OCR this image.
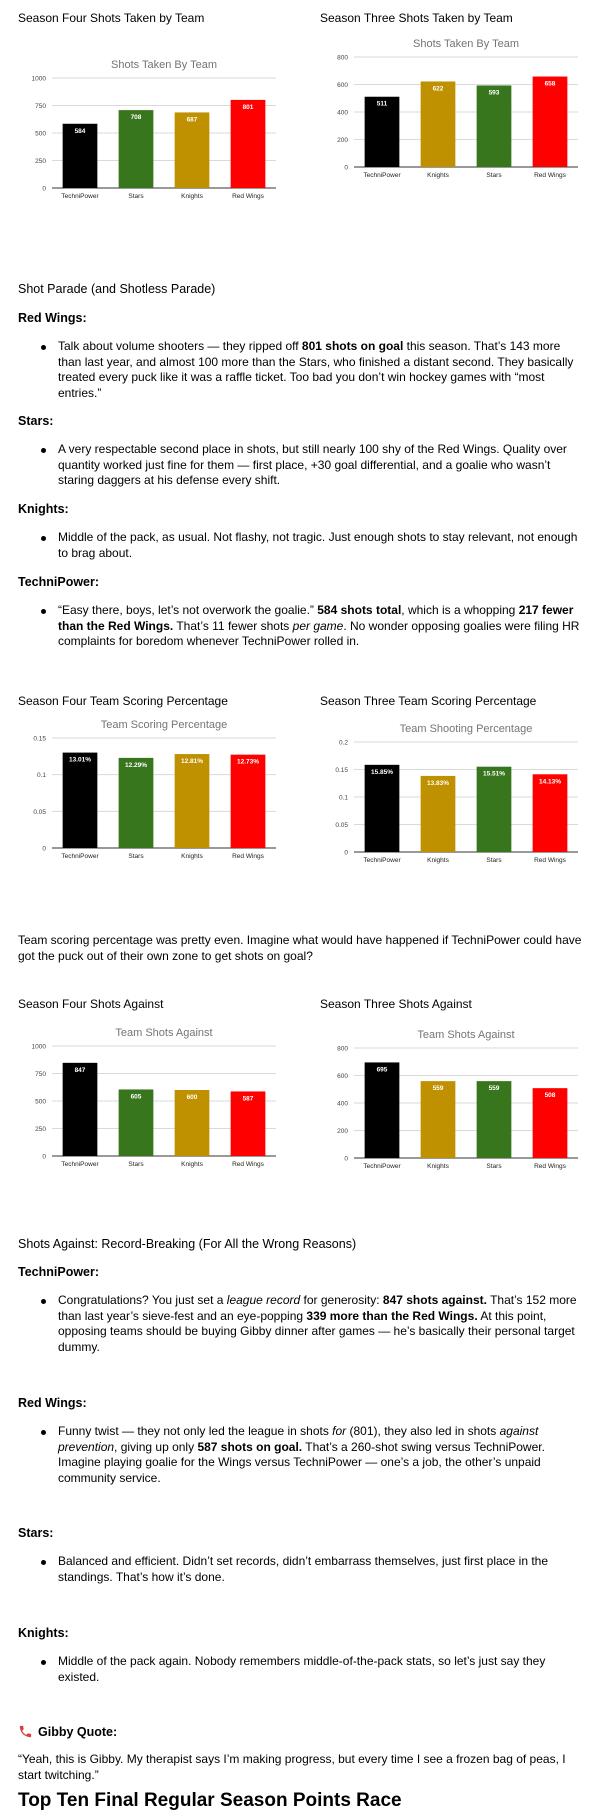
Season Four Shots Taken by Team	Season Three Shots Taken by Team
Shots Taken By Team
0
250
500
750
1000
584
TechniPower
708
Stars
687
Knights
801
Red Wings
Shots Taken By Team
0
200
400
600
800
511
TechniPower
622
Knights
593
Stars
658
Red Wings
Shot Parade (and Shotless Parade)
Red Wings:
Talk about volume shooters — they ripped off 801 shots on goal this season. That’s 143 more than last year, and almost 100 more than the Stars, who finished a distant second. They basically treated every puck like it was a raffle ticket. Too bad you don’t win hockey games with “most entries.”
Stars:
A very respectable second place in shots, but still nearly 100 shy of the Red Wings. Quality over quantity worked just fine for them — first place, +30 goal differential, and a goalie who wasn’t staring daggers at his defense every shift.
Knights:
Middle of the pack, as usual. Not flashy, not tragic. Just enough shots to stay relevant, not enough to brag about.
TechniPower:
“Easy there, boys, let’s not overwork the goalie.” 584 shots total, which is a whopping 217 fewer than the Red Wings. That’s 11 fewer shots per game. No wonder opposing goalies were filing HR complaints for boredom whenever TechniPower rolled in.
Season Four Team Scoring Percentage	Season Three Team Scoring Percentage
Team Scoring Percentage
0
0.05
0.1
0.15
13.01%
TechniPower
12.29%
Stars
12.81%
Knights
12.73%
Red Wings
Team Shooting Percentage
0
0.05
0.1
0.15
0.2
15.85%
TechniPower
13.83%
Knights
15.51%
Stars
14.13%
Red Wings
Team scoring percentage was pretty even. Imagine what would have happened if TechniPower could have got the puck out of their own zone to get shots on goal?
Season Four Shots Against	Season Three Shots Against
Team Shots Against
0
250
500
750
1000
847
TechniPower
605
Stars
600
Knights
587
Red Wings
Team Shots Against
0
200
400
600
800
695
TechniPower
559
Knights
559
Stars
508
Red Wings
Shots Against: Record-Breaking (For All the Wrong Reasons)
TechniPower:
Congratulations? You just set a league record for generosity: 847 shots against. That’s 152 more than last year’s sieve-fest and an eye-popping 339 more than the Red Wings. At this point, opposing teams should be buying Gibby dinner after games — he’s basically their personal target dummy.
Red Wings:
Funny twist — they not only led the league in shots for (801), they also led in shots against prevention, giving up only 587 shots on goal. That’s a 260-shot swing versus TechniPower. Imagine playing goalie for the Wings versus TechniPower — one’s a job, the other’s unpaid community service.
Stars:
Balanced and efficient. Didn’t set records, didn’t embarrass themselves, just first place in the standings. That’s how it’s done.
Knights:
Middle of the pack again. Nobody remembers middle-of-the-pack stats, so let’s just say they existed.
Gibby Quote:
“Yeah, this is Gibby. My therapist says I’m making progress, but every time I see a frozen bag of peas, I start twitching.”
Top Ten Final Regular Season Points Race
